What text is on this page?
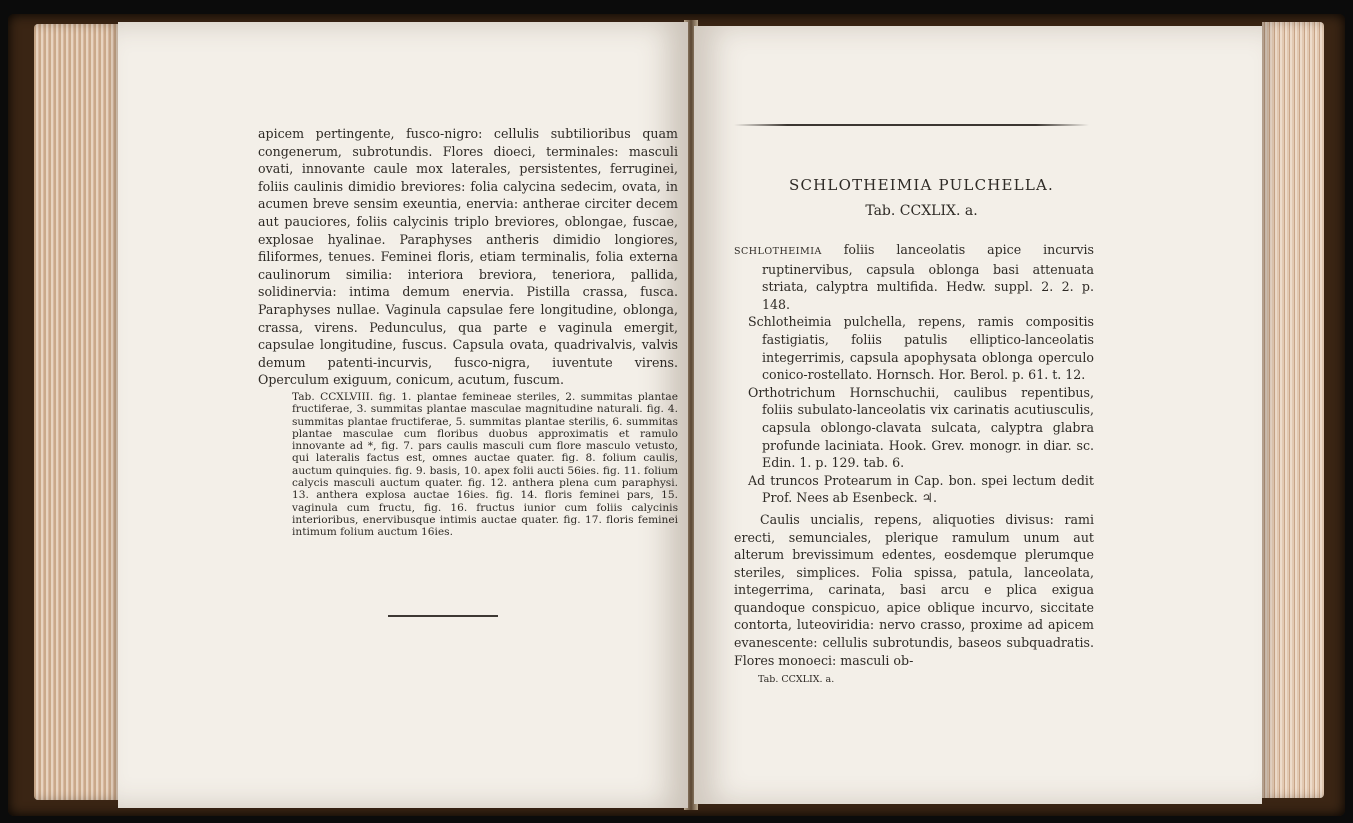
apicem pertingente, fusco-nigro: cellulis subtilioribus quam congenerum, subrotundis. Flores dioeci, terminales: masculi ovati, innovante caule mox laterales, persistentes, ferruginei, foliis caulinis dimidio breviores: folia calycina sedecim, ovata, in acumen breve sensim exeuntia, enervia: antherae circiter decem aut pauciores, foliis calycinis triplo breviores, oblongae, fuscae, explosae hyalinae. Paraphyses antheris dimidio longiores, filiformes, tenues. Feminei floris, etiam terminalis, folia externa caulinorum similia: interiora breviora, teneriora, pallida, solidinervia: intima demum enervia. Pistilla crassa, fusca. Paraphyses nullae. Vaginula capsulae fere longitudine, oblonga, crassa, virens. Pedunculus, qua parte e vaginula emergit, capsulae longitudine, fuscus. Capsula ovata, quadrivalvis, valvis demum patenti-incurvis, fusco-nigra, iuventute virens. Operculum exiguum, conicum, acutum, fuscum.

Tab. CCXLVIII. fig. 1. plantae femineae steriles, 2. summitas plantae fructiferae, 3. summitas plantae masculae magnitudine naturali. fig. 4. summitas plantae fructiferae, 5. summitas plantae sterilis, 6. summitas plantae masculae cum floribus duobus approximatis et ramulo innovante ad *, fig. 7. pars caulis masculi cum flore masculo vetusto, qui lateralis factus est, omnes auctae quater. fig. 8. folium caulis, auctum quinquies. fig. 9. basis, 10. apex folii aucti 56ies. fig. 11. folium calycis masculi auctum quater. fig. 12. anthera plena cum paraphysi. 13. anthera explosa auctae 16ies. fig. 14. floris feminei pars, 15. vaginula cum fructu, fig. 16. fructus iunior cum foliis calycinis interioribus, enervibusque intimis auctae quater. fig. 17. floris feminei intimum folium auctum 16ies.

SCHLOTHEIMIA PULCHELLA.
Tab. CCXLIX. a.

SCHLOTHEIMIA foliis lanceolatis apice incurvis ruptinervibus, capsula oblonga basi attenuata striata, calyptra multifida. Hedw. suppl. 2. 2. p. 148.

Schlotheimia pulchella, repens, ramis compositis fastigiatis, foliis patulis elliptico-lanceolatis integerrimis, capsula apophysata oblonga operculo conico-rostellato. Hornsch. Hor. Berol. p. 61. t. 12.

Orthotrichum Hornschuchii, caulibus repentibus, foliis subulato-lanceolatis vix carinatis acutiusculis, capsula oblongo-clavata sulcata, calyptra glabra profunde laciniata. Hook. Grev. monogr. in diar. sc. Edin. 1. p. 129. tab. 6.

Ad truncos Protearum in Cap. bon. spei lectum dedit Prof. Nees ab Esenbeck. ♃.

Caulis uncialis, repens, aliquoties divisus: rami erecti, semunciales, plerique ramulum unum aut alterum brevissimum edentes, eosdemque plerumque steriles, simplices. Folia spissa, patula, lanceolata, integerrima, carinata, basi arcu e plica exigua quandoque conspicuo, apice oblique incurvo, siccitate contorta, luteoviridia: nervo crasso, proxime ad apicem evanescente: cellulis subrotundis, baseos subquadratis. Flores monoeci: masculi ob-

Tab. CCXLIX. a.
